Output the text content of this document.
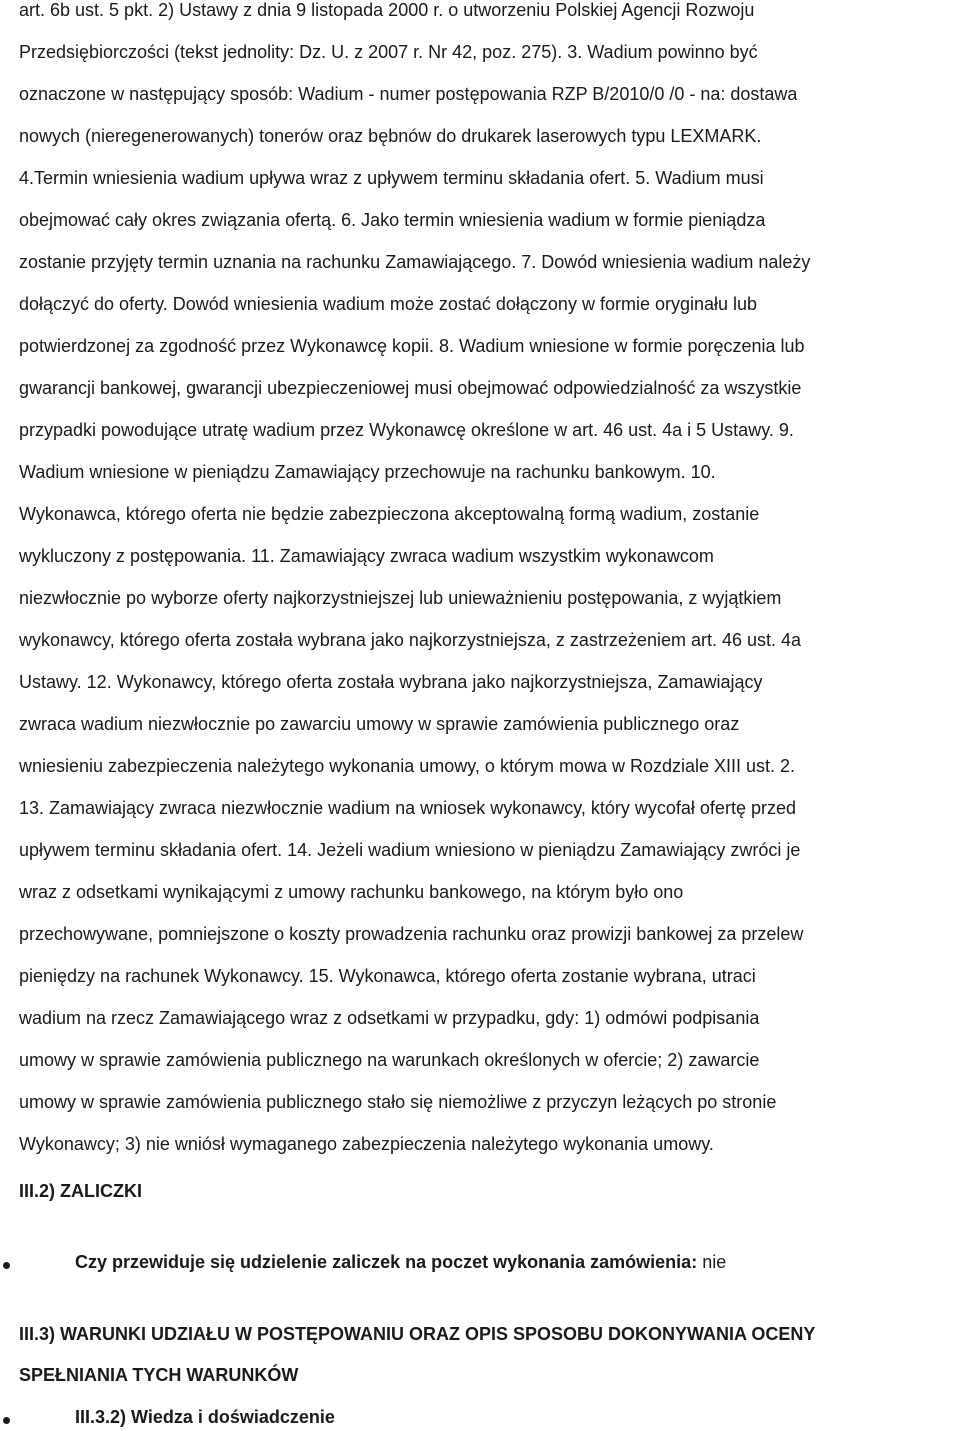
art. 6b ust. 5 pkt. 2) Ustawy z dnia 9 listopada 2000 r. o utworzeniu Polskiej Agencji Rozwoju
Przedsiębiorczości (tekst jednolity: Dz. U. z 2007 r. Nr 42, poz. 275). 3. Wadium powinno być
oznaczone w następujący sposób: Wadium - numer postępowania RZP B/2010/0 /0 - na: dostawa
nowych (nieregenerowanych) tonerów oraz bębnów do drukarek laserowych typu LEXMARK.
4.Termin wniesienia wadium upływa wraz z upływem terminu składania ofert. 5. Wadium musi
obejmować cały okres związania ofertą. 6. Jako termin wniesienia wadium w formie pieniądza
zostanie przyjęty termin uznania na rachunku Zamawiającego. 7. Dowód wniesienia wadium należy
dołączyć do oferty. Dowód wniesienia wadium może zostać dołączony w formie oryginału lub
potwierdzonej za zgodność przez Wykonawcę kopii. 8. Wadium wniesione w formie poręczenia lub
gwarancji bankowej, gwarancji ubezpieczeniowej musi obejmować odpowiedzialność za wszystkie
przypadki powodujące utratę wadium przez Wykonawcę określone w art. 46 ust. 4a i 5 Ustawy. 9.
Wadium wniesione w pieniądzu Zamawiający przechowuje na rachunku bankowym. 10.
Wykonawca, którego oferta nie będzie zabezpieczona akceptowalną formą wadium, zostanie
wykluczony z postępowania. 11. Zamawiający zwraca wadium wszystkim wykonawcom
niezwłocznie po wyborze oferty najkorzystniejszej lub unieważnieniu postępowania, z wyjątkiem
wykonawcy, którego oferta została wybrana jako najkorzystniejsza, z zastrzeżeniem art. 46 ust. 4a
Ustawy. 12. Wykonawcy, którego oferta została wybrana jako najkorzystniejsza, Zamawiający
zwraca wadium niezwłocznie po zawarciu umowy w sprawie zamówienia publicznego oraz
wniesieniu zabezpieczenia należytego wykonania umowy, o którym mowa w Rozdziale XIII ust. 2.
13. Zamawiający zwraca niezwłocznie wadium na wniosek wykonawcy, który wycofał ofertę przed
upływem terminu składania ofert. 14. Jeżeli wadium wniesiono w pieniądzu Zamawiający zwróci je
wraz z odsetkami wynikającymi z umowy rachunku bankowego, na którym było ono
przechowywane, pomniejszone o koszty prowadzenia rachunku oraz prowizji bankowej za przelew
pieniędzy na rachunek Wykonawcy. 15. Wykonawca, którego oferta zostanie wybrana, utraci
wadium na rzecz Zamawiającego wraz z odsetkami w przypadku, gdy: 1) odmówi podpisania
umowy w sprawie zamówienia publicznego na warunkach określonych w ofercie; 2) zawarcie
umowy w sprawie zamówienia publicznego stało się niemożliwe z przyczyn leżących po stronie
Wykonawcy; 3) nie wniósł wymaganego zabezpieczenia należytego wykonania umowy.

III.2) ZALICZKI
Czy przewiduje się udzielenie zaliczek na poczet wykonania zamówienia: nie
III.3) WARUNKI UDZIAŁU W POSTĘPOWANIU ORAZ OPIS SPOSOBU DOKONYWANIA OCENY
SPEŁNIANIA TYCH WARUNKÓW
III.3.2) Wiedza i doświadczenie
